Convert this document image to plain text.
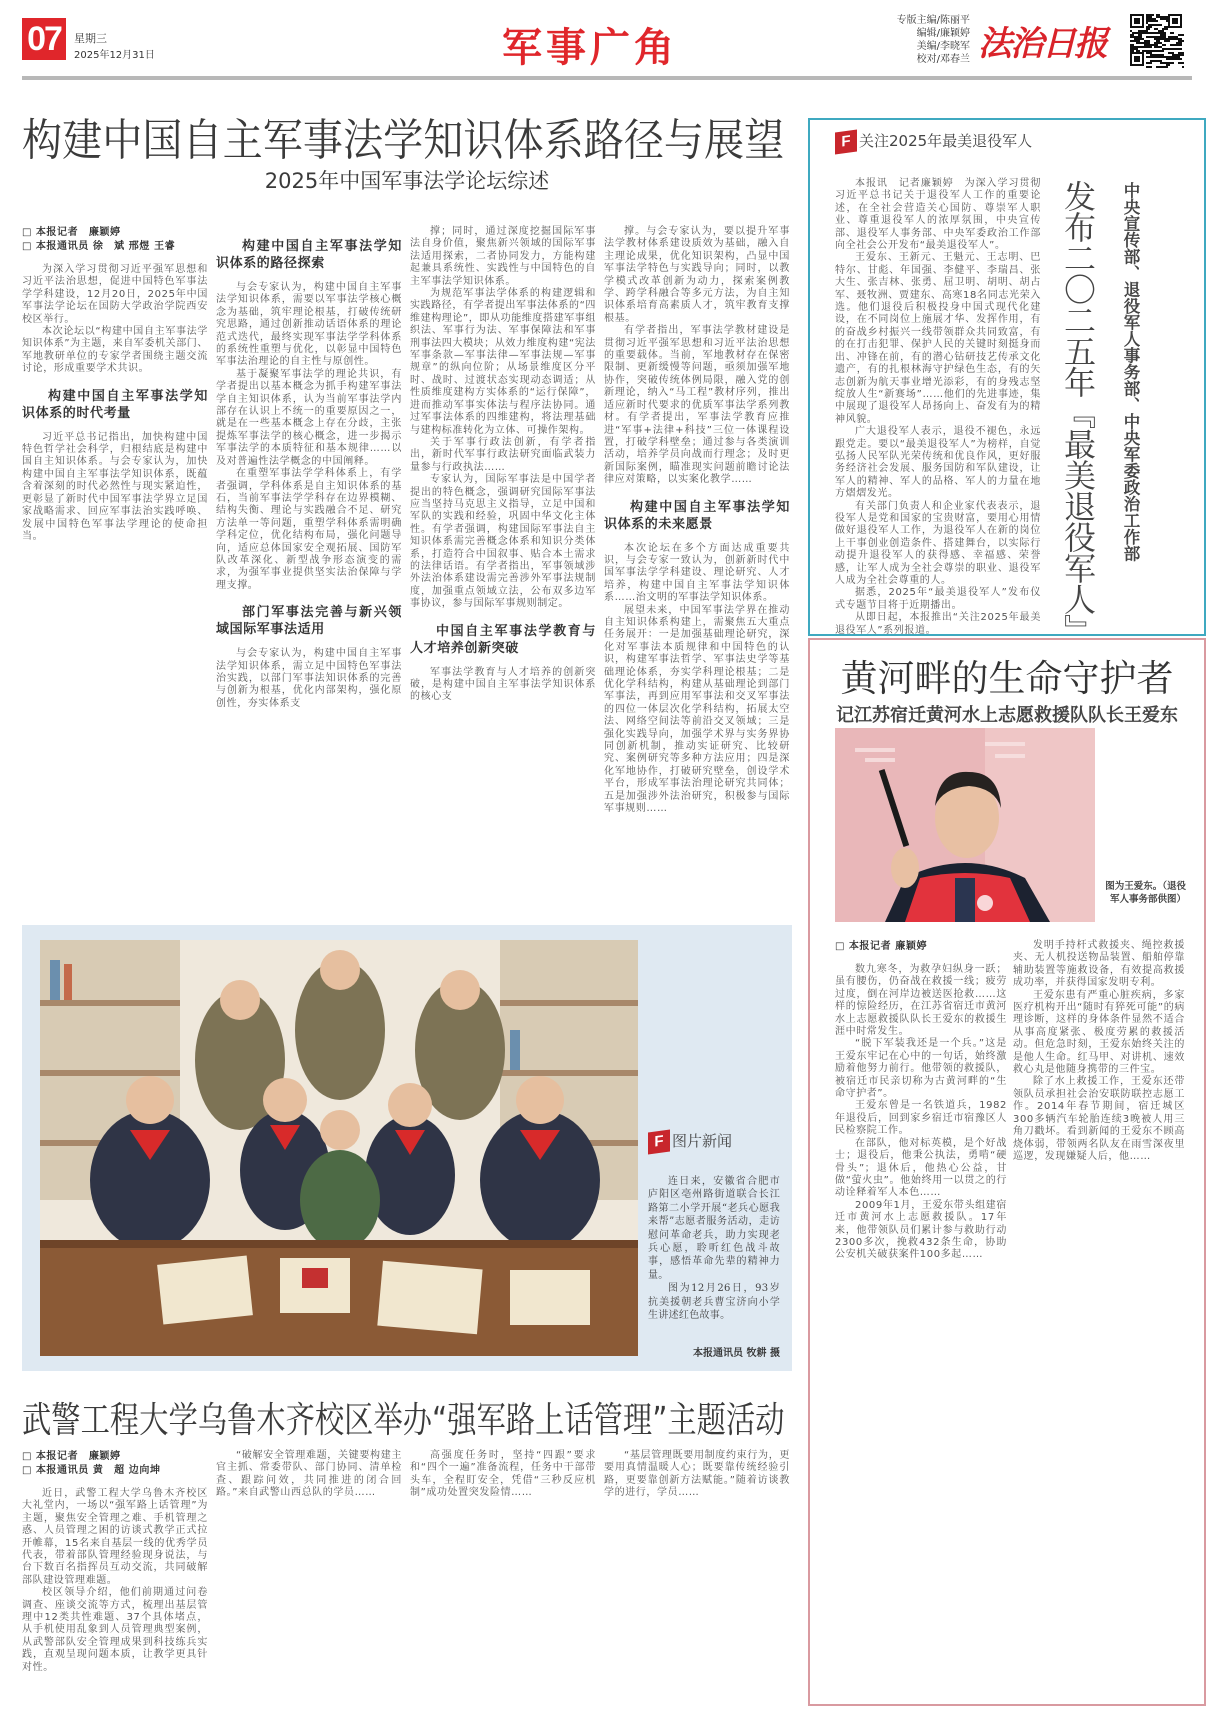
07	星期三
2025年12月31日	军事广角
专版主编/陈丽平
编辑/廉颖婷
美编/李晓军
校对/邓春兰 法治日报
构建中国自主军事法学知识体系路径与展望
2025年中国军事法学论坛综述

□ 本报记者　廉颖婷

□ 本报通讯员 徐　斌 邢煜 王睿

为深入学习贯彻习近平强军思想和习近平法治思想，促进中国特色军事法学学科建设，12月20日，2025年中国军事法学论坛在国防大学政治学院西安校区举行。

本次论坛以“构建中国自主军事法学知识体系”为主题，来自军委机关部门、军地教研单位的专家学者围绕主题交流讨论，形成重要学术共识。

构建中国自主军事法学知识体系的时代考量

习近平总书记指出，加快构建中国特色哲学社会科学，归根结底是构建中国自主知识体系。与会专家认为，加快构建中国自主军事法学知识体系，既蕴含着深刻的时代必然性与现实紧迫性，更彰显了新时代中国军事法学界立足国家战略需求、回应军事法治实践呼唤、发展中国特色军事法学理论的使命担当。

构建中国自主军事法学知识体系的路径探索

与会专家认为，构建中国自主军事法学知识体系，需要以军事法学核心概念为基础，筑牢理论根基，打破传统研究思路，通过创新推动话语体系的理论范式迭代，最终实现军事法学学科体系的系统性重塑与优化，以彰显中国特色军事法治理论的自主性与原创性。

基于凝聚军事法学的理论共识，有学者提出以基本概念为抓手构建军事法学自主知识体系，认为当前军事法学内部存在认识上不统一的重要原因之一，就是在一些基本概念上存在分歧，主张提炼军事法学的核心概念，进一步揭示军事法学的本质特征和基本规律……以及对普遍性法学概念的中国阐释。

在重塑军事法学学科体系上，有学者强调，学科体系是自主知识体系的基石，当前军事法学学科存在边界模糊、结构失衡、理论与实践融合不足、研究方法单一等问题，重塑学科体系需明确学科定位，优化结构布局，强化问题导向，适应总体国家安全观拓展、国防军队改革深化、新型战争形态演变的需求，为强军事业提供坚实法治保障与学理支撑。

部门军事法完善与新兴领域国际军事法适用

与会专家认为，构建中国自主军事法学知识体系，需立足中国特色军事法治实践，以部门军事法知识体系的完善与创新为根基，优化内部架构，强化原创性，夯实体系支

撑；同时，通过深度挖掘国际军事法自身价值，聚焦新兴领域的国际军事法适用探索，二者协同发力，方能构建起兼具系统性、实践性与中国特色的自主军事法学知识体系。

为规范军事法学体系的构建逻辑和实践路径，有学者提出军事法体系的“四维建构理论”，即从功能维度搭建军事组织法、军事行为法、军事保障法和军事刑事法四大模块；从效力维度构建“宪法军事条款—军事法律—军事法规—军事规章”的纵向位阶；从场景维度区分平时、战时、过渡状态实现动态调适；从性质维度建构方实体系的“运行保障”，进而推动军事实体法与程序法协同。通过军事法体系的四维建构，将法理基础与建构标准转化为立体、可操作架构。

关于军事行政法创新，有学者指出，新时代军事行政法研究面临武装力量参与行政执法……

专家认为，国际军事法是中国学者提出的特色概念，强调研究国际军事法应当坚持马克思主义指导，立足中国和军队的实践和经验，巩固中华文化主体性。有学者强调，构建国际军事法自主知识体系需完善概念体系和知识分类体系，打造符合中国叙事、贴合本土需求的法律话语。有学者指出，军事领域涉外法治体系建设需完善涉外军事法规制度，加强重点领域立法，公布双多边军事协议，参与国际军事规则制定。

中国自主军事法学教育与人才培养创新突破

军事法学教育与人才培养的创新突破，是构建中国自主军事法学知识体系的核心支

撑。与会专家认为，要以提升军事法学教材体系建设质效为基础，融入自主理论成果，优化知识架构，凸显中国军事法学特色与实践导向；同时，以教学模式改革创新为动力，探索案例教学、跨学科融合等多元方法，为自主知识体系培育高素质人才，筑牢教育支撑根基。

有学者指出，军事法学教材建设是贯彻习近平强军思想和习近平法治思想的重要载体。当前，军地教材存在保密限制、更新缓慢等问题，亟须加强军地协作，突破传统体例局限，融入党的创新理论，纳入“马工程”教材序列，推出适应新时代要求的优质军事法学系列教材。有学者提出，军事法学教育应推进“军事+法律+科技”三位一体课程设置，打破学科壁垒；通过参与各类演训活动，培养学员向战而行理念；及时更新国际案例，瞄准现实问题前瞻讨论法律应对策略，以实案化教学……

构建中国自主军事法学知识体系的未来愿景

本次论坛在多个方面达成重要共识，与会专家一致认为，创新新时代中国军事法学学科建设、理论研究、人才培养，构建中国自主军事法学知识体系……治文明的军事法学知识体系。

展望未来，中国军事法学界在推动自主知识体系构建上，需聚焦五大重点任务展开：一是加强基础理论研究，深化对军事法本质规律和中国特色的认识，构建军事法哲学、军事法史学等基础理论体系，夯实学科理论根基；二是优化学科结构，构建从基础理论到部门军事法，再到应用军事法和交叉军事法的四位一体层次化学科结构，拓展太空法、网络空间法等前沿交叉领域；三是强化实践导向，加强学术界与实务界协同创新机制，推动实证研究、比较研究、案例研究等多种方法应用；四是深化军地协作，打破研究壁垒，创设学术平台，形成军事法治理论研究共同体；五是加强涉外法治研究，积极参与国际军事规则……

F 关注2025年最美退役军人

本报讯　记者廉颖婷　为深入学习贯彻习近平总书记关于退役军人工作的重要论述，在全社会营造关心国防、尊崇军人职业、尊重退役军人的浓厚氛围，中央宣传部、退役军人事务部、中央军委政治工作部向全社会公开发布“最美退役军人”。

王爱东、王新元、王魁元、王志明、巴特尔、甘彪、年国强、李健平、李瑞昌、张大生、张吉林、张勇、屈卫明、胡明、胡占军、聂牧洲、贾建东、高寒18名同志光荣入选。他们退役后积极投身中国式现代化建设，在不同岗位上施展才华、发挥作用，有的奋战乡村振兴一线带领群众共同致富，有的在打击犯罪、保护人民的关键时刻挺身而出、冲锋在前，有的潜心钻研技艺传承文化遗产，有的扎根林海守护绿色生态，有的矢志创新为航天事业增光添彩，有的身残志坚绽放人生“新赛场”……他们的先进事迹，集中展现了退役军人昂扬向上、奋发有为的精神风貌。

广大退役军人表示，退役不褪色，永远跟党走。要以“最美退役军人”为榜样，自觉弘扬人民军队光荣传统和优良作风，更好服务经济社会发展、服务国防和军队建设，让军人的精神、军人的品格、军人的力量在地方熠熠发光。

有关部门负责人和企业家代表表示，退役军人是党和国家的宝贵财富，要用心用情做好退役军人工作，为退役军人在新的岗位上干事创业创造条件、搭建舞台，以实际行动提升退役军人的获得感、幸福感、荣誉感，让军人成为全社会尊崇的职业、退役军人成为全社会尊重的人。

据悉，2025年“最美退役军人”发布仪式专题节目将于近期播出。

从即日起，本报推出“关注2025年最美退役军人”系列报道。	发布二〇二五年『最美退役军人』 中央宣传部、退役军人事务部、中央军委政治工作部
黄河畔的生命守护者
记江苏宿迁黄河水上志愿救援队队长王爱东
图为王爱东。（退役军人事务部供图）

□ 本报记者 廉颖婷

数九寒冬，为救孕妇纵身一跃；虽有腰伤，仍奋战在救援一线；疲劳过度，倒在河岸边被送医抢救……这样的惊险经历，在江苏省宿迁市黄河水上志愿救援队队长王爱东的救援生涯中时常发生。

“脱下军装我还是一个兵。”这是王爱东牢记在心中的一句话，始终激励着他努力前行。他带领的救援队，被宿迁市民亲切称为古黄河畔的“生命守护者”。

王爱东曾是一名铁道兵，1982年退役后，回到家乡宿迁市宿豫区人民检察院工作。

在部队，他对标英模，是个好战士；退役后，他秉公执法，勇啃“硬骨头”；退休后，他热心公益，甘做“萤火虫”。他始终用一以贯之的行动诠释着军人本色……

2009年1月，王爱东带头组建宿迁市黄河水上志愿救援队。17年来，他带领队员们累计参与救助行动2300多次，挽救432条生命，协助公安机关破获案件100多起……

发明手持杆式救援夹、绳控救援夹、无人机投送物品装置、船舶停靠辅助装置等施救设备，有效提高救援成功率，并获得国家发明专利。

王爱东患有严重心脏疾病，多家医疗机构开出“随时有猝死可能”的病理诊断，这样的身体条件显然不适合从事高度紧张、极度劳累的救援活动。但危急时刻，王爱东始终关注的是他人生命。红马甲、对讲机、速效救心丸是他随身携带的三件宝。

除了水上救援工作，王爱东还带领队员承担社会治安联防联控志愿工作。2014年春节期间，宿迁城区300多辆汽车轮胎连续3晚被人用三角刀戳坏。看到新闻的王爱东不顾高烧体弱，带领两名队友在雨雪深夜里巡逻，发现嫌疑人后，他……

F 图片新闻

连日来，安徽省合肥市庐阳区亳州路街道联合长江路第二小学开展“老兵心愿我来帮”志愿者服务活动，走访慰问革命老兵，助力实现老兵心愿，聆听红色战斗故事，感悟革命先辈的精神力量。

图为12月26日，93岁抗美援朝老兵曹宝济向小学生讲述红色故事。

本报通讯员 牧耕 摄
武警工程大学乌鲁木齐校区举办“强军路上话管理”主题活动

□ 本报记者　廉颖婷

□ 本报通讯员 黄　超 边向坤

近日，武警工程大学乌鲁木齐校区大礼堂内，一场以“强军路上话管理”为主题，聚焦安全管理之难、手机管理之惑、人员管理之困的访谈式教学正式拉开帷幕，15名来自基层一线的优秀学员代表，带着部队管理经验现身说法，与台下数百名指挥员互动交流，共同破解部队建设管理难题。

校区领导介绍，他们前期通过问卷调查、座谈交流等方式，梳理出基层管理中12类共性难题、37个具体堵点，从手机使用乱象到人员管理典型案例，从武警部队安全管理成果到科技练兵实践，直观呈现问题本质，让教学更具针对性。

“破解安全管理难题，关键要构建主官主抓、常委带队、部门协同、清单检查、跟踪问效，共同推进的闭合回路。”来自武警山西总队的学员……

高强度任务时，坚持“四跟”要求和“四个一遍”准备流程，任务中干部带头车，全程盯安全，凭借“三秒反应机制”成功处置突发险情……

“基层管理既要用制度约束行为，更要用真情温暖人心；既要靠传统经验引路，更要靠创新方法赋能。”随着访谈教学的进行，学员……
